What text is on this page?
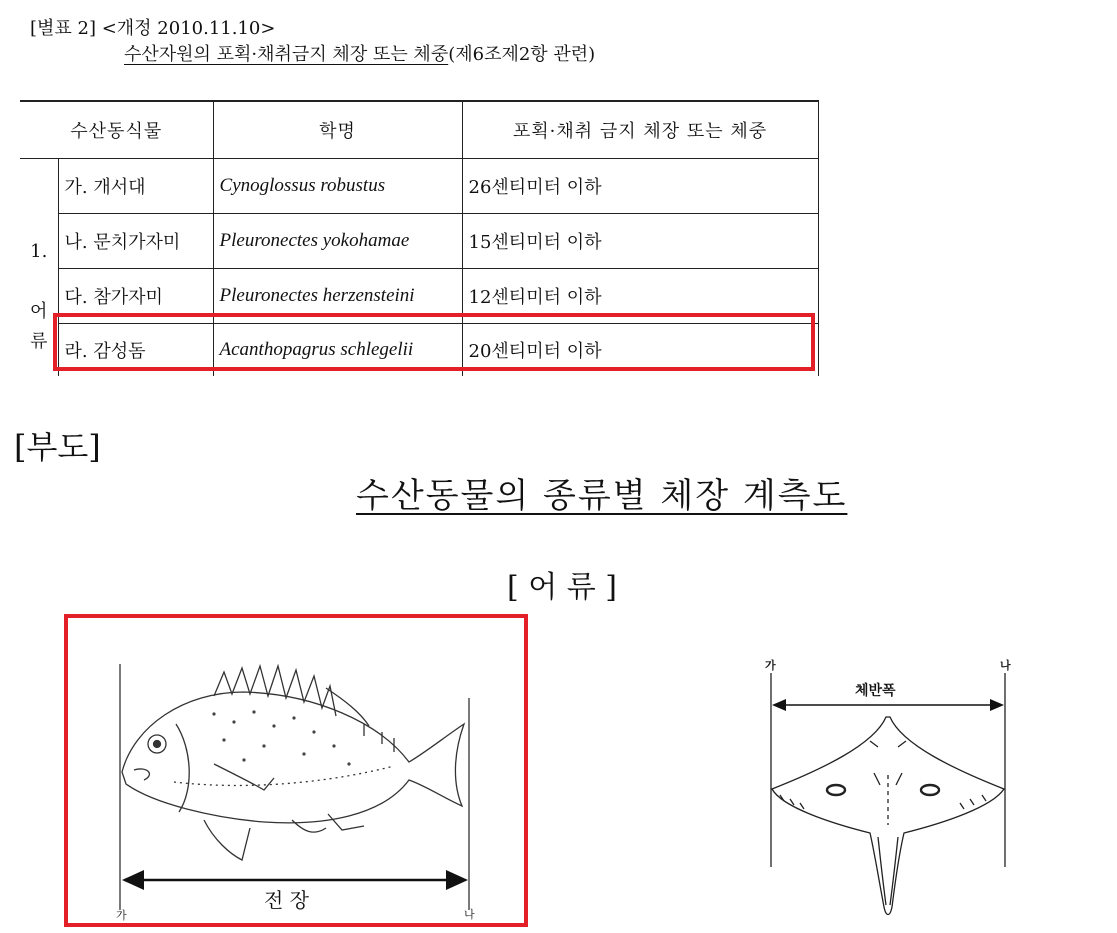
[별표 2] <개정 2010.11.10>
수산자원의 포획·채취금지 체장 또는 체중(제6조제2항 관련)
수산동식물		학명	포획·채취 금지 체장 또는 체중
1.

어
류	가. 개서대	Cynoglossus robustus	26센티미터 이하
	나. 문치가자미	Pleuronectes yokohamae	15센티미터 이하
	다. 참가자미	Pleuronectes herzensteini	12센티미터 이하
	라. 감성돔	Acanthopagrus schlegelii	20센티미터 이하
[부도]
수산동물의 종류별 체장 계측도
[ 어 류 ]
전 장
가	나
체반폭
가	나
